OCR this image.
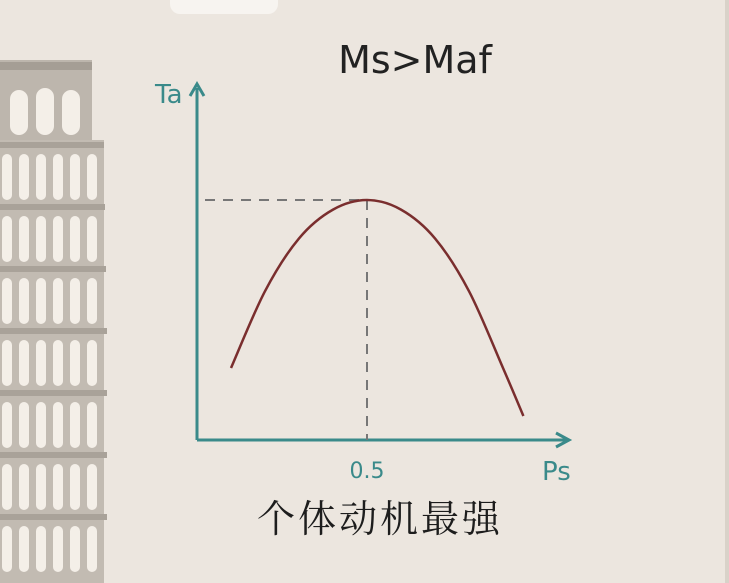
Ms>Maf
Ta
Ps
0.5
个体动机最强
